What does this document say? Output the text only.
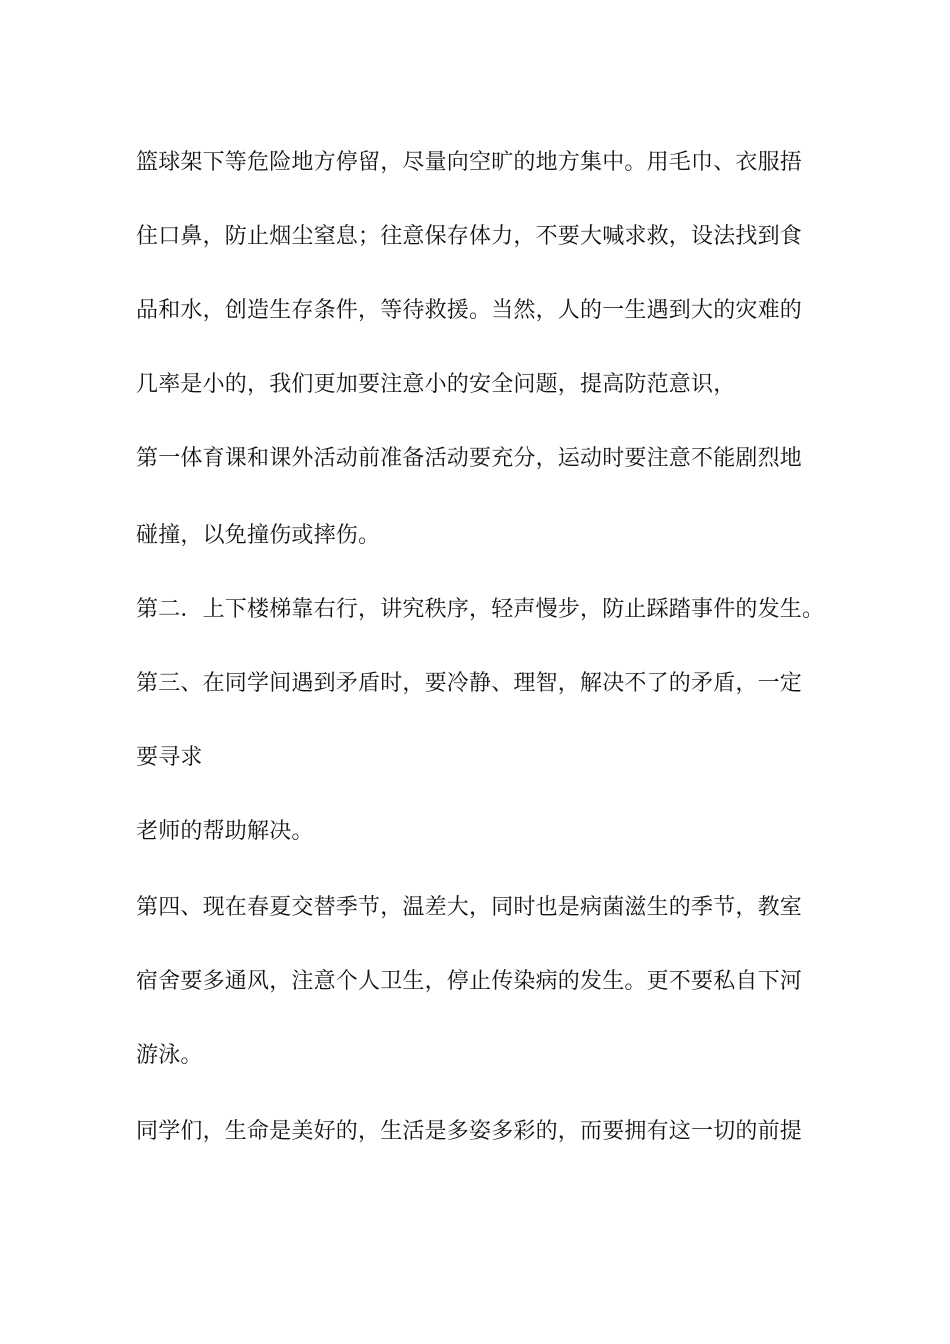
篮球架下等危险地方停留，尽量向空旷的地方集中。用毛巾、衣服捂
住口鼻，防止烟尘窒息；往意保存体力，不要大喊求救，设法找到食
品和水，创造生存条件，等待救援。当然，人的一生遇到大的灾难的
几率是小的，我们更加要注意小的安全问题，提高防范意识，
第一体育课和课外活动前准备活动要充分，运动时要注意不能剧烈地
碰撞，以免撞伤或摔伤。
第二．上下楼梯靠右行，讲究秩序，轻声慢步，防止踩踏事件的发生。
第三、在同学间遇到矛盾时，要冷静、理智，解决不了的矛盾，一定
要寻求
老师的帮助解决。
第四、现在春夏交替季节，温差大，同时也是病菌滋生的季节，教室
宿舍要多通风，注意个人卫生，停止传染病的发生。更不要私自下河
游泳。
同学们，生命是美好的，生活是多姿多彩的，而要拥有这一切的前提
